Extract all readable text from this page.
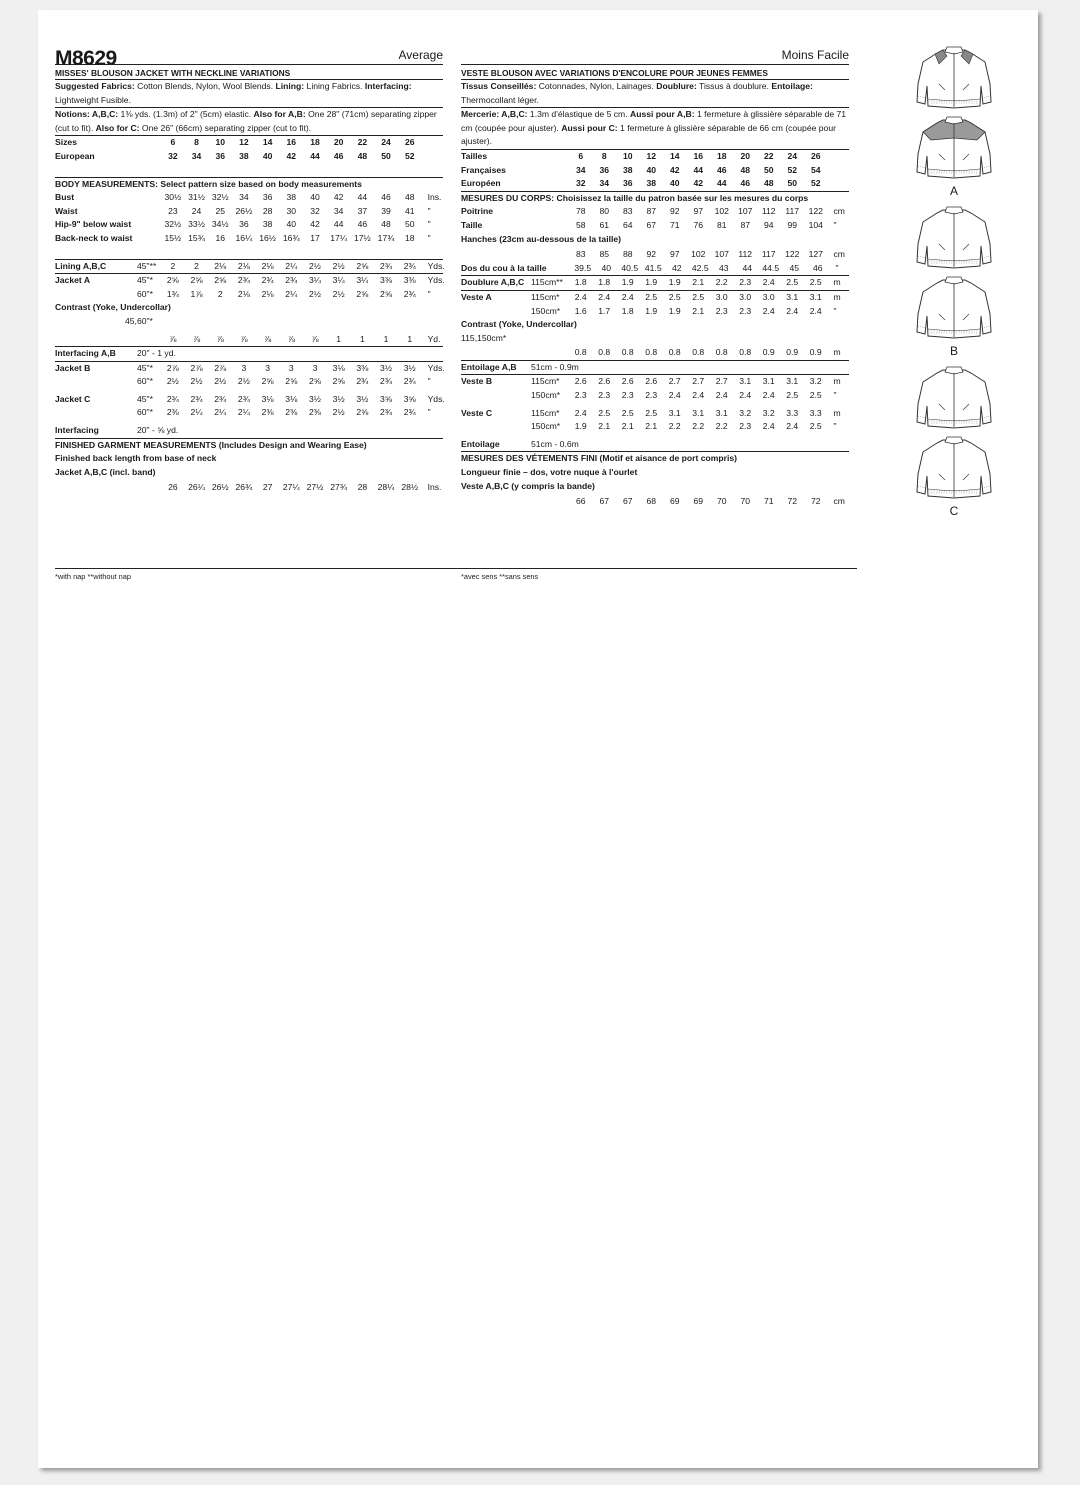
M8629	Average
MISSES' BLOUSON JACKET WITH NECKLINE VARIATIONS
Suggested Fabrics: Cotton Blends, Nylon, Wool Blends. Lining: Lining Fabrics. Interfacing: Lightweight Fusible.
Notions: A,B,C: 1⅜ yds. (1.3m) of 2" (5cm) elastic. Also for A,B: One 28" (71cm) separating zipper (cut to fit). Also for C: One 26" (66cm) separating zipper (cut to fit).
Sizes	6	8	10	12	14	16	18	20	22	24	26
European	32	34	36	38	40	42	44	46	48	50	52
BODY MEASUREMENTS: Select pattern size based on body measurements
Bust	30½ 31½ 32½	34	36	38	40	42	44	46	48	Ins.
Waist	23	24	25	26½	28	30	32	34	37	39	41	"
Hip-9" below waist	32½ 33½ 34½	36	38	40	42	44	46	48	50	"
Back-neck to waist	15½ 15¾	16	16¼ 16½ 16¾	17	17¼ 17½ 17¾	18	"
Lining A,B,C	45"**	2	2	2⅛	2⅛	2⅛	2¼	2½	2½	2⅝	2¾	2¾	Yds.
Jacket A	45"*	2⅝	2⅝	2⅝	2¾	2¾	2¾	3¼	3¼	3¼	3⅜	3⅜	Yds.
60"*	1¾	1⅞	2	2⅛	2⅛	2¼	2½	2½	2⅝	2⅝	2¾	"
Contrast (Yoke, Undercollar)
45,60"*
⅞	⅞	⅞	⅞	⅞	⅞	⅞	1	1	1	1	Yd.
Interfacing A,B	20" - 1 yd.
Jacket B	45"*	2⅞	2⅞	2⅞	3	3	3	3	3⅛	3⅜	3½	3½	Yds.
60"*	2½	2½	2½	2½	2⅝	2⅝	2⅝	2⅝	2¾	2¾	2¾	"
Jacket C	45"*	2¾	2¾	2¾	2¾	3⅛	3⅛	3½	3½	3½	3⅝	3⅝	Yds.
60"*	2⅜	2¼	2¼	2¼	2⅜	2⅜	2⅜	2½	2⅝	2¾	2¾	"
Interfacing	20" - ⅝ yd.
FINISHED GARMENT MEASUREMENTS (Includes Design and Wearing Ease)
Finished back length from base of neck
Jacket A,B,C (incl. band)
26	26¼ 26½ 26¾	27	27¼ 27½ 27¾	28	28¼ 28½	Ins.
Moins Facile
VESTE BLOUSON AVEC VARIATIONS D'ENCOLURE POUR JEUNES FEMMES
Tissus Conseillés: Cotonnades, Nylon, Lainages. Doublure: Tissus à doublure. Entoilage: Thermocollant léger.
Mercerie: A,B,C: 1.3m d'élastique de 5 cm. Aussi pour A,B: 1 fermeture à glissière séparable de 71 cm (coupée pour ajuster). Aussi pour C: 1 fermeture à glissière séparable de 66 cm (coupée pour ajuster).
Tailles	6	8	10	12	14	16	18	20	22	24	26
Françaises	34	36	38	40	42	44	46	48	50	52	54
Européen	32	34	36	38	40	42	44	46	48	50	52
MESURES DU CORPS: Choisissez la taille du patron basée sur les mesures du corps
Poitrine	78	80	83	87	92	97	102	107	112	117	122	cm
Taille	58	61	64	67	71	76	81	87	94	99	104	"
Hanches (23cm au-dessous de la taille)
83	85	88	92	97	102	107	112	117	122	127	cm
Dos du cou à la taille	39.5	40	40.5 41.5	42	42.5	43	44	44.5	45	46	"
Doublure A,B,C 115cm**	1.8	1.8	1.9	1.9	1.9	2.1	2.2	2.3	2.4	2.5	2.5	m
Veste A	115cm*	2.4	2.4	2.4	2.5	2.5	2.5	3.0	3.0	3.0	3.1	3.1	m
150cm*	1.6	1.7	1.8	1.9	1.9	2.1	2.3	2.3	2.4	2.4	2.4	"
Contrast (Yoke, Undercollar)
115,150cm*
0.8	0.8	0.8	0.8	0.8	0.8	0.8	0.8	0.9	0.9	0.9	m
Entoilage A,B	51cm - 0.9m
Veste B	115cm*	2.6	2.6	2.6	2.6	2.7	2.7	2.7	3.1	3.1	3.1	3.2	m
150cm*	2.3	2.3	2.3	2.3	2.4	2.4	2.4	2.4	2.4	2.5	2.5	"
Veste C	115cm*	2.4	2.5	2.5	2.5	3.1	3.1	3.1	3.2	3.2	3.3	3.3	m
150cm*	1.9	2.1	2.1	2.1	2.2	2.2	2.2	2.3	2.4	2.4	2.5	"
Entoilage	51cm - 0.6m
MESURES DES VÉTEMENTS FINI (Motif et aisance de port compris)
Longueur finie – dos, votre nuque à l'ourlet
Veste A,B,C (y compris la bande)
66	67	67	68	69	69	70	70	71	72	72	cm
*with nap **without nap	*avec sens **sans sens
A
B
C
